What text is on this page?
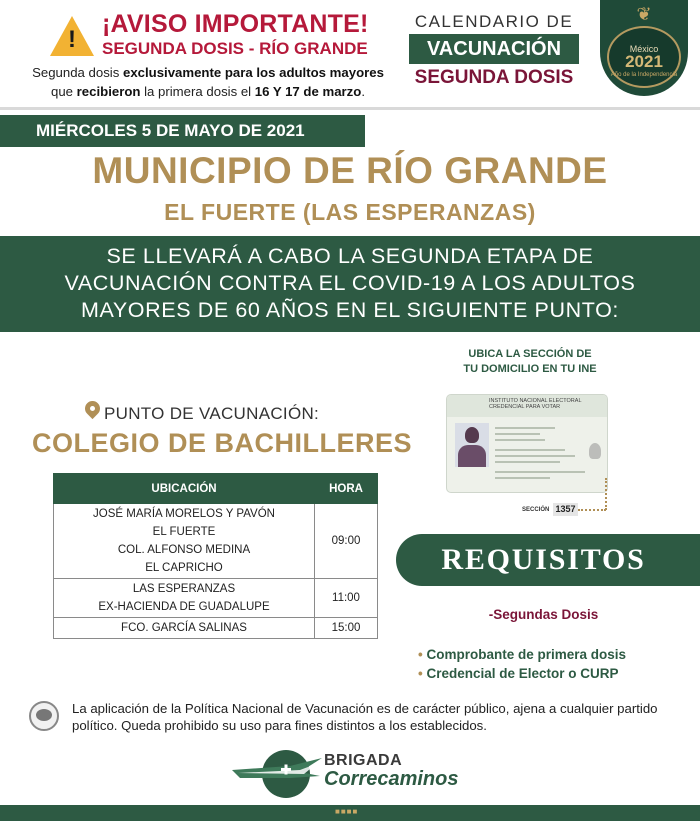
!
¡AVISO IMPORTANTE!
SEGUNDA DOSIS - RÍO GRANDE
Segunda dosis exclusivamente para los adultos mayores
que recibieron la primera dosis el 16 Y 17 de marzo.
CALENDARIO DE
VACUNACIÓN
SEGUNDA DOSIS
❦
México
2021
Año de la Independencia
MIÉRCOLES 5 DE MAYO DE 2021
MUNICIPIO DE RÍO GRANDE
EL FUERTE (LAS ESPERANZAS)
SE LLEVARÁ A CABO LA SEGUNDA ETAPA DE
VACUNACIÓN CONTRA EL COVID-19 A LOS ADULTOS
MAYORES DE 60 AÑOS EN EL SIGUIENTE PUNTO:
PUNTO DE VACUNACIÓN:
COLEGIO DE BACHILLERES
UBICACIÓN	HORA

JOSÉ MARÍA MORELOS Y PAVÓN
EL FUERTE
COL. ALFONSO MEDINA
EL CAPRICHO	09:00

LAS ESPERANZAS
EX-HACIENDA DE GUADALUPE	11:00

FCO. GARCÍA SALINAS	15:00
UBICA LA SECCIÓN DE
TU DOMICILIO EN TU INE
INSTITUTO NACIONAL ELECTORAL CREDENCIAL PARA VOTAR
SECCIÓN 1357
REQUISITOS
-Segundas Dosis
• Comprobante de primera dosis
• Credencial de Elector o CURP
La aplicación de la Política Nacional de Vacunación es de carácter público, ajena a cualquier partido político. Queda prohibido su uso para fines distintos a los establecidos.
BRIGADA
Correcaminos
■■■■
